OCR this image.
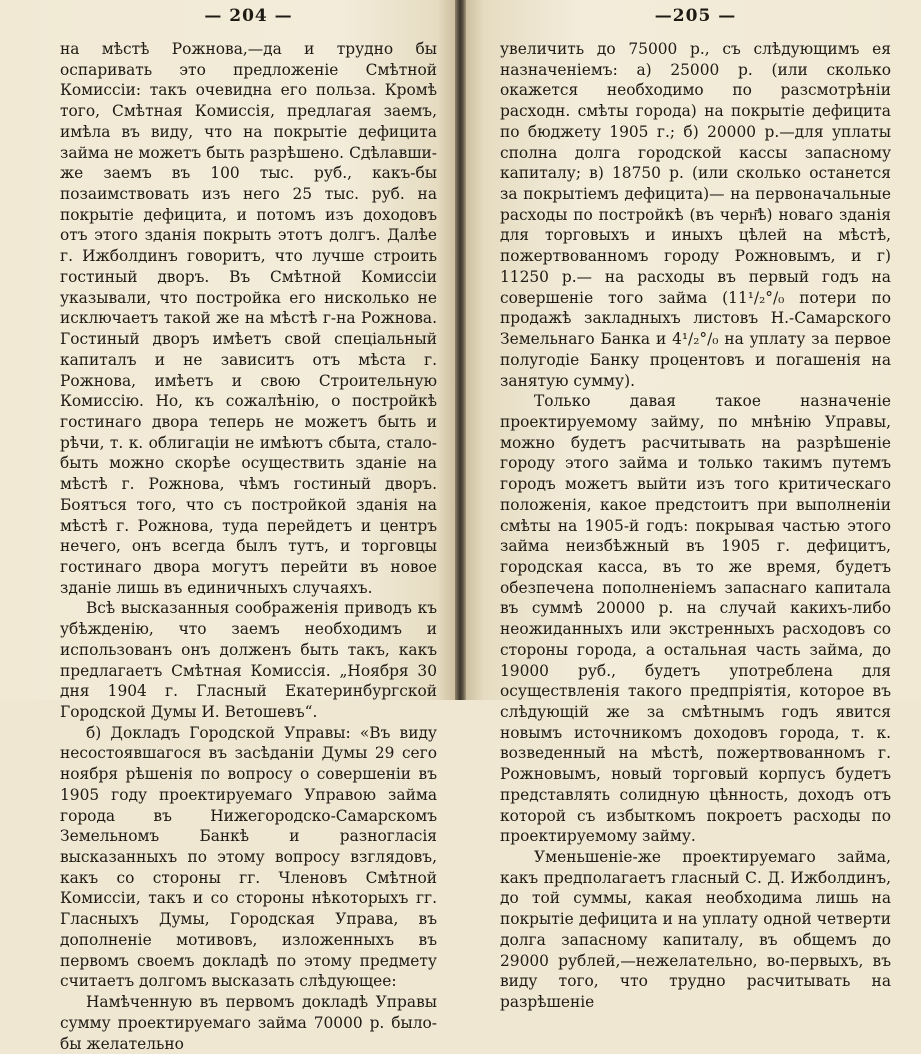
— 204 —

на мѣстѣ Рожнова,—да и трудно бы оспаривать это предложеніе Смѣтной Комиссіи: такъ очевидна его польза. Кромѣ того, Смѣтная Комиссія, предлагая заемъ, имѣла въ виду, что на покрытіе дефицита займа не можетъ быть разрѣшено. Сдѣлавши-же заемъ въ 100 тыс. руб., какъ-бы позаимствовать изъ него 25 тыс. руб. на покрытіе дефицита, и потомъ изъ доходовъ отъ этого зданія покрыть этотъ долгъ. Далѣе г. Ижболдинъ говоритъ, что лучше строить гостиный дворъ. Въ Смѣтной Комиссіи указывали, что постройка его нисколько не исключаетъ такой же на мѣстѣ г-на Рожнова. Гостиный дворъ имѣетъ свой спеціальный капиталъ и не зависитъ отъ мѣста г. Рожнова, имѣетъ и свою Строительную Комиссію. Но, къ сожалѣнію, о постройкѣ гостинаго двора теперь не можетъ быть и рѣчи, т. к. облигаціи не имѣютъ сбыта, стало-быть можно скорѣе осуществить зданіе на мѣстѣ г. Рожнова, чѣмъ гостиный дворъ. Боятъся того, что съ постройкой зданія на мѣстѣ г. Рожнова, туда перейдетъ и центръ нечего, онъ всегда былъ тутъ, и торговцы гостинаго двора могутъ перейти въ новое зданіе лишь въ единичныхъ случаяхъ.

Всѣ высказанныя соображенія приводъ къ убѣжденію, что заемъ необходимъ и использованъ онъ долженъ быть такъ, какъ предлагаетъ Смѣтная Комиссія. „Ноября 30 дня 1904 г. Гласный Екатеринбургской Городской Думы И. Ветошевъ“.

б) Докладъ Городской Управы: «Въ виду несостоявшагося въ засѣданіи Думы 29 сего ноября рѣшенія по вопросу о совершеніи въ 1905 году проектируемаго Управою займа города въ Нижегородско-Самарскомъ Земельномъ Банкѣ и разногласія высказанныхъ по этому вопросу взглядовъ, какъ со стороны гг. Членовъ Смѣтной Комиссіи, такъ и со стороны нѣкоторыхъ гг. Гласныхъ Думы, Городская Управа, въ дополненіе мотивовъ, изложенныхъ въ первомъ своемъ докладѣ по этому предмету считаетъ долгомъ высказать слѣдующее:

Намѣченную въ первомъ докладѣ Управы сумму проектируемаго займа 70000 р. было-бы желательно

—205 —

увеличить до 75000 р., съ слѣдующимъ ея назначеніемъ: а) 25000 р. (или сколько окажется необходимо по разсмотрѣніи расходн. смѣты города) на покрытіе дефицита по бюджету 1905 г.; б) 20000 р.—для уплаты сполна долга городской кассы запасному капиталу; в) 18750 р. (или сколько останется за покрытіемъ дефицита)— на первоначальные расходы по постройкѣ (въ черн҃ѣ) новаго зданія для торговыхъ и иныхъ цѣлей на мѣстѣ, пожертвованномъ городу Рожновымъ, и г) 11250 р.— на расходы въ первый годъ на совершеніе того займа (11¹/₂°/₀ потери по продажѣ закладныхъ листовъ Н.-Самарского Земельнаго Банка и 4¹/₂°/₀ на уплату за первое полугодіе Банку процентовъ и погашенія на занятую сумму).

Только давая такое назначеніе проектируемому займу, по мнѣнію Управы, можно будетъ расчитывать на разрѣшеніе городу этого займа и только такимъ путемъ городъ можетъ выйти изъ того критическаго положенія, какое предстоитъ при выполненіи смѣты на 1905-й годъ: покрывая частью этого займа неизбѣжный въ 1905 г. дефицитъ, городская касса, въ то же время, будетъ обезпечена пополненіемъ запаснаго капитала въ суммѣ 20000 р. на случай какихъ-либо неожиданныхъ или экстренныхъ расходовъ со стороны города, а остальная часть займа, до 19000 руб., будетъ употреблена для осуществленія такого предпріятія, которое въ слѣдующій же за смѣтнымъ годъ явится новымъ источникомъ доходовъ города, т. к. возведенный на мѣстѣ, пожертвованномъ г. Рожновымъ, новый торговый корпусъ будетъ представлять солидную цѣнность, доходъ отъ которой съ избыткомъ покроетъ расходы по проектируемому займу.

Уменьшеніе-же проектируемаго займа, какъ предполагаетъ гласный С. Д. Ижболдинъ, до той суммы, какая необходима лишь на покрытіе дефицита и на уплату одной четверти долга запасному капиталу, въ общемъ до 29000 рублей,—нежелательно, во-первыхъ, въ виду того, что трудно расчитывать на разрѣшеніе
